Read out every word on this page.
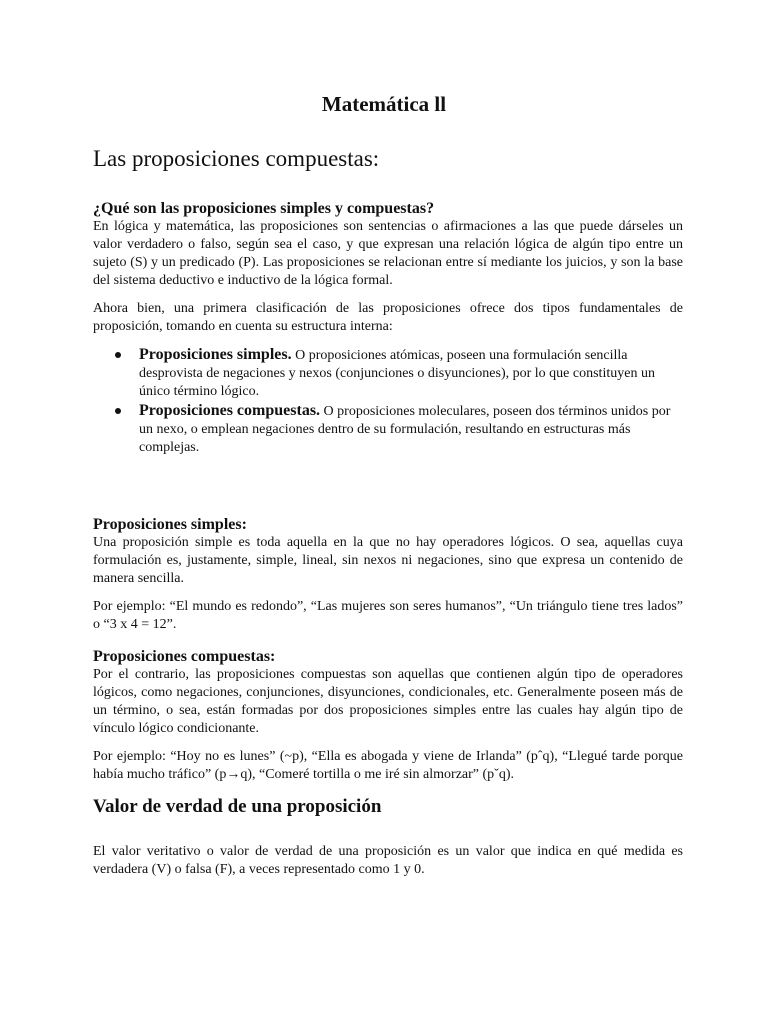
Matemática ll
Las proposiciones compuestas:
¿Qué son las proposiciones simples y compuestas?

En lógica y matemática, las proposiciones son sentencias o afirmaciones a las que puede dárseles un valor verdadero o falso, según sea el caso, y que expresan una relación lógica de algún tipo entre un sujeto (S) y un predicado (P). Las proposiciones se relacionan entre sí mediante los juicios, y son la base del sistema deductivo e inductivo de la lógica formal.

Ahora bien, una primera clasificación de las proposiciones ofrece dos tipos fundamentales de proposición, tomando en cuenta su estructura interna:

Proposiciones simples. O proposiciones atómicas, poseen una formulación sencilla desprovista de negaciones y nexos (conjunciones o disyunciones), por lo que constituyen un único término lógico.
Proposiciones compuestas. O proposiciones moleculares, poseen dos términos unidos por un nexo, o emplean negaciones dentro de su formulación, resultando en estructuras más complejas.
Proposiciones simples:

Una proposición simple es toda aquella en la que no hay operadores lógicos. O sea, aquellas cuya formulación es, justamente, simple, lineal, sin nexos ni negaciones, sino que expresa un contenido de manera sencilla.

Por ejemplo: “El mundo es redondo”, “Las mujeres son seres humanos”, “Un triángulo tiene tres lados” o “3 x 4 = 12”.

Proposiciones compuestas:

Por el contrario, las proposiciones compuestas son aquellas que contienen algún tipo de operadores lógicos, como negaciones, conjunciones, disyunciones, condicionales, etc. Generalmente poseen más de un término, o sea, están formadas por dos proposiciones simples entre las cuales hay algún tipo de vínculo lógico condicionante.

Por ejemplo: “Hoy no es lunes” (~p), “Ella es abogada y viene de Irlanda” (pˆq), “Llegué tarde porque había mucho tráfico” (p→q), “Comeré tortilla o me iré sin almorzar” (pˇq).

Valor de verdad de una proposición

El valor veritativo o valor de verdad de una proposición es un valor que indica en qué medida es verdadera (V) o falsa (F), a veces representado como 1 y 0.
